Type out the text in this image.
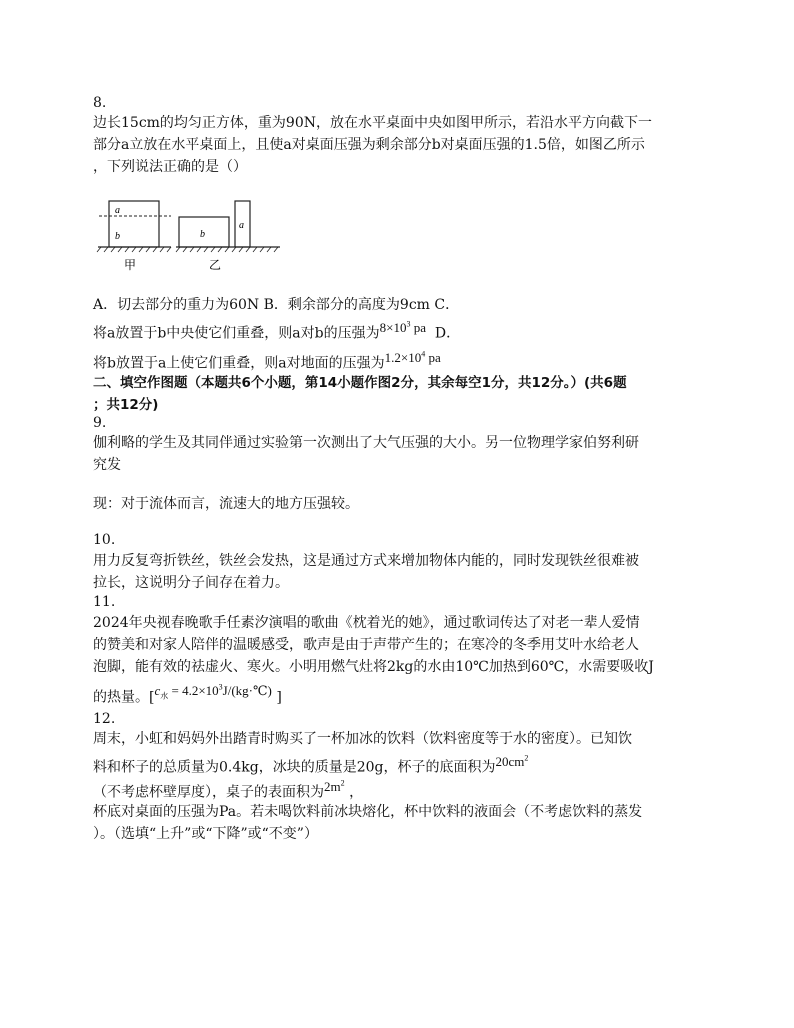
8.
边长15cm的均匀正方体，重为90N，放在水平桌面中央如图甲所示，若沿水平方向截下一
部分a立放在水平桌面上，且使a对桌面压强为剩余部分b对桌面压强的1.5倍，如图乙所示
，下列说法正确的是（）
a
b
甲
b
a
乙
A．切去部分的重力为60N B．剩余部分的高度为9cm C．
将a放置于b中央使它们重叠，则a对b的压强为$8\times 10^3$ pa D．
将b放置于a上使它们重叠，则a对地面的压强为$1.2\times 10^4$ pa
二、填空作图题（本题共6个小题，第14小题作图2分，其余每空1分，共12分。）(共6题
；共12分)
9.
伽利略的学生及其同伴通过实验第一次测出了大气压强的大小。另一位物理学家伯努利研
究发
现：对于流体而言，流速大的地方压强较。
10.
用力反复弯折铁丝，铁丝会发热，这是通过方式来增加物体内能的，同时发现铁丝很难被
拉长，这说明分子间存在着力。
11.
2024年央视春晚歌手任素汐演唱的歌曲《枕着光的她》，通过歌词传达了对老一辈人爱情
的赞美和对家人陪伴的温暖感受，歌声是由于声带产生的；在寒冷的冬季用艾叶水给老人
泡脚，能有效的祛虚火、寒火。小明用燃气灶将2kg的水由10℃加热到60℃，水需要吸收J
的热量。[$c_水$ = $4.2\times 10^3J/(kg\cdot℃)$ ]
12.
周末，小虹和妈妈外出踏青时购买了一杯加冰的饮料（饮料密度等于水的密度）。已知饮
料和杯子的总质量为0.4kg，冰块的质量是20g，杯子的底面积为$20cm^2$
（不考虑杯壁厚度），桌子的表面积为$2m^2$ ，
杯底对桌面的压强为Pa。若未喝饮料前冰块熔化，杯中饮料的液面会（不考虑饮料的蒸发
）。（选填“上升”或“下降”或“不变”）
